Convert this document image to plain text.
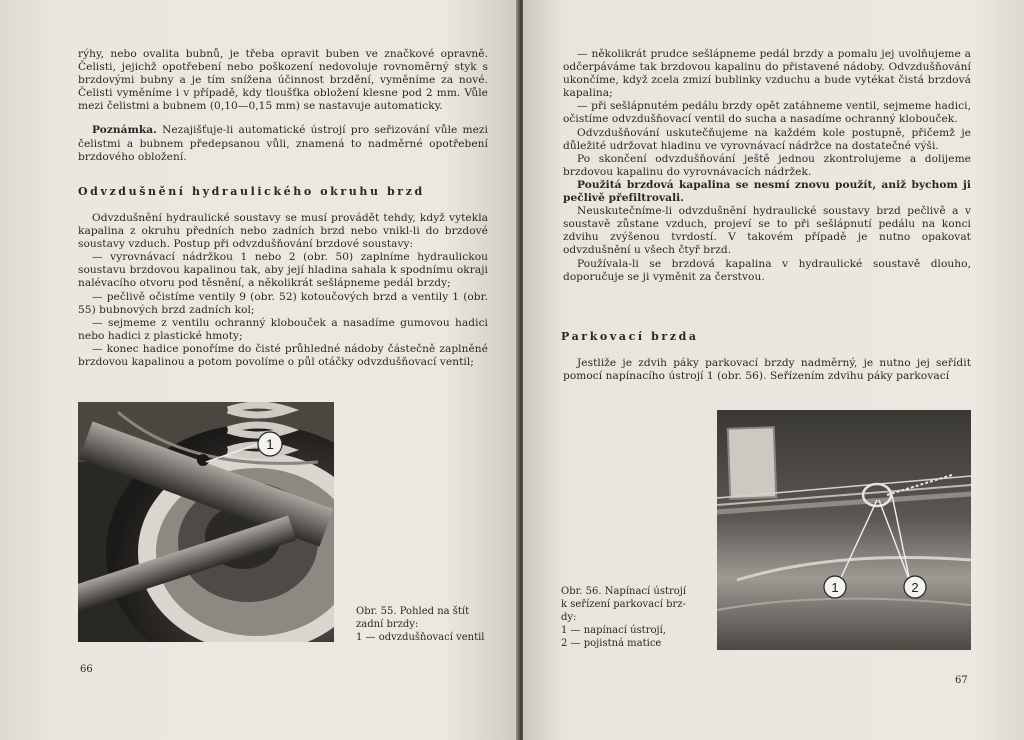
rýhy, nebo ovalita bubnů, je třeba opravit buben ve značkové opravně. Čelisti, jejichž opotřebení nebo poškození nedovoluje rovnoměrný styk s brzdovými bubny a je tím snížena účinnost brzdění, vyměníme za nové. Čelisti vyměníme i v případě, kdy tloušťka obložení klesne pod 2 mm. Vůle mezi čelistmi a bubnem (0,10—0,15 mm) se nastavuje automaticky.

Poznámka. Nezajišťuje-li automatické ústrojí pro seřizování vůle mezi čelistmi a bubnem předepsanou vůli, znamená to nadměrné opotřebení brzdového obložení.

Odvzdušnění hydraulického okruhu brzd

Odvzdušnění hydraulické soustavy se musí provádět tehdy, když vytekla kapalina z okruhu předních nebo zadních brzd nebo vnikl-li do brzdové soustavy vzduch. Postup při odvzdušňování brzdové soustavy:

— vyrovnávací nádržkou 1 nebo 2 (obr. 50) zaplníme hydraulickou soustavu brzdovou kapalinou tak, aby její hladina sahala k spodnímu okraji nalévacího otvoru pod těsnění, a několikrát sešlápneme pedál brzdy;

— pečlivě očistíme ventily 9 (obr. 52) kotoučových brzd a ventily 1 (obr. 55) bubnových brzd zadních kol;

— sejmeme z ventilu ochranný klobouček a nasadíme gumovou hadici nebo hadici z plastické hmoty;

— konec hadice ponoříme do čisté průhledné nádoby částečně zaplněné brzdovou kapalinou a potom povolíme o půl otáčky odvzdušňovací ventil;

1
Obr. 55. Pohled na štít
zadní brzdy:
1 — odvzdušňovací ventil
66

— několikrát prudce sešlápneme pedál brzdy a pomalu jej uvolňujeme a odčerpáváme tak brzdovou kapalinu do přistavené nádoby. Odvzdušňování ukončíme, když zcela zmizí bublinky vzduchu a bude vytékat čistá brzdová kapalina;

— při sešlápnutém pedálu brzdy opět zatáhneme ventil, sejmeme hadici, očistíme odvzdušňovací ventil do sucha a nasadíme ochranný klobouček.

Odvzdušňování uskutečňujeme na každém kole postupně, přičemž je důležité udržovat hladinu ve vyrovnávací nádržce na dostatečné výši.

Po skončení odvzdušňování ještě jednou zkontrolujeme a dolijeme brzdovou kapalinu do vyrovnávacích nádržek.

Použitá brzdová kapalina se nesmí znovu použít, aniž bychom ji pečlivě přefiltrovali.

Neuskutečníme-li odvzdušnění hydraulické soustavy brzd pečlivě a v soustavě zůstane vzduch, projeví se to při sešlápnutí pedálu na konci zdvihu zvýšenou tvrdostí. V takovém případě je nutno opakovat odvzdušnění u všech čtyř brzd.

Používala-li se brzdová kapalina v hydraulické soustavě dlouho, doporučuje se ji vyměnit za čerstvou.

Parkovací brzda

Jestliže je zdvih páky parkovací brzdy nadměrný, je nutno jej seřídit pomocí napínacího ústrojí 1 (obr. 56). Seřízením zdvihu páky parkovací

1	2
Obr. 56. Napínací ústrojí
k seřízení parkovací brz-
dy:
1 — napínací ústrojí,
2 — pojistná matice
67
